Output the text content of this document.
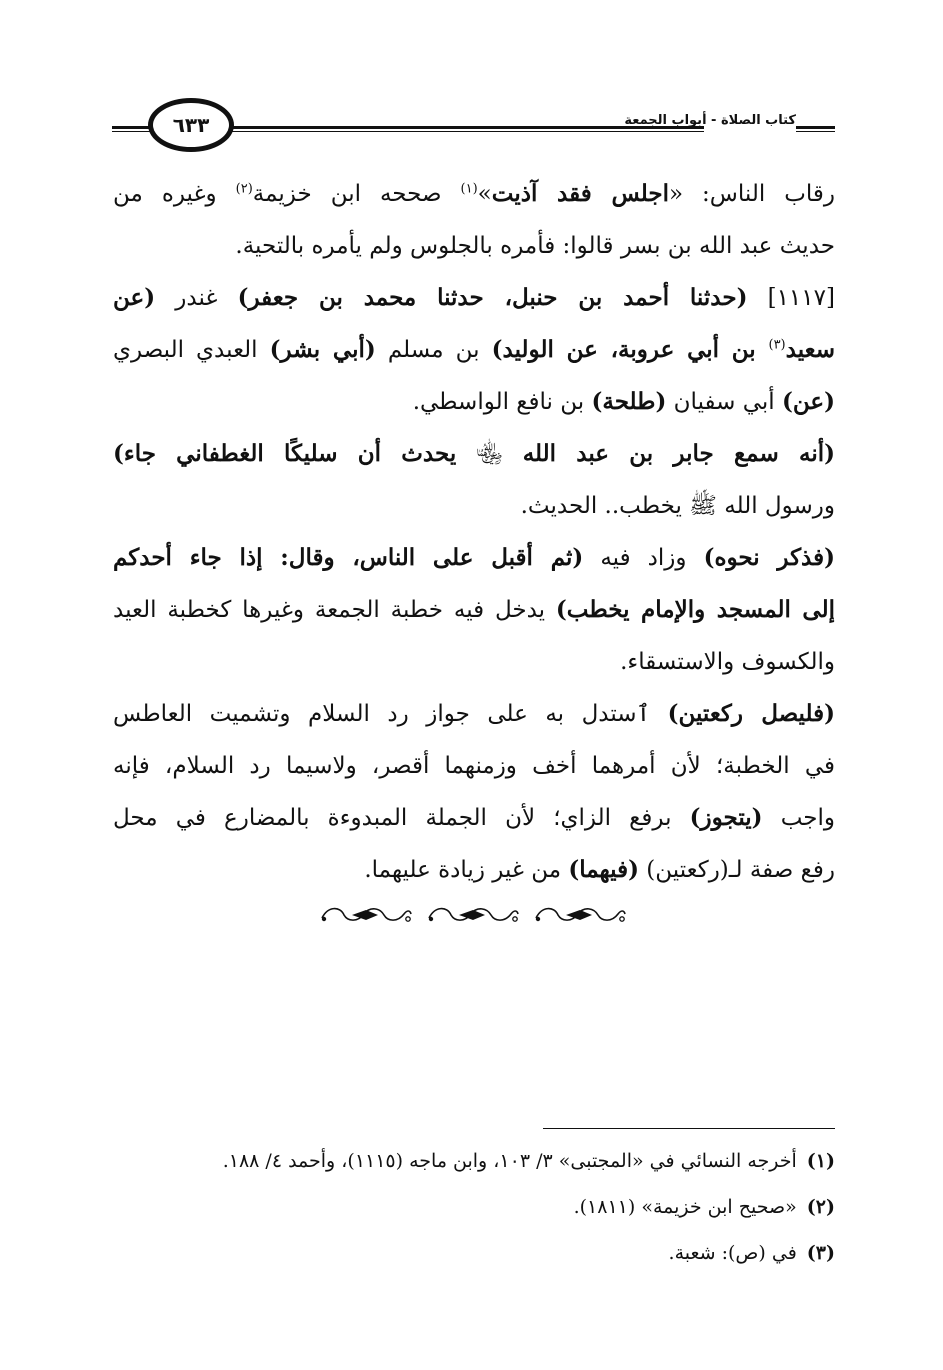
٦٣٣	كتاب الصلاة - أبواب الجمعة
رقاب الناس: «اجلس فقد آذيت»$^{(١)}$ صححه ابن خزيمة$^{(٢)}$ وغيره من
حديث عبد الله بن بسر قالوا: فأمره بالجلوس ولم يأمره بالتحية.
[١١١٧] (حدثنا أحمد بن حنبل، حدثنا محمد بن جعفر) غندر (عن
سعيد$^{(٣)}$ بن أبي عروبة، عن الوليد) بن مسلم (أبي بشر) العبدي البصري
(عن) أبي سفيان (طلحة) بن نافع الواسطي.
(أنه سمع جابر بن عبد الله ﵄ يحدث أن سليكًا الغطفاني جاء)
ورسول الله ﷺ يخطب.. الحديث.
(فذكر نحوه) وزاد فيه (ثم أقبل على الناس، وقال: إذا جاء أحدكم
إلى المسجد والإمام يخطب) يدخل فيه خطبة الجمعة وغيرها كخطبة العيد
والكسوف والاستسقاء.
(فليصل ركعتين) ٱستدل به على جواز رد السلام وتشميت العاطس
في الخطبة؛ لأن أمرهما أخف وزمنهما أقصر، ولاسيما رد السلام، فإنه
واجب (يتجوز) برفع الزاي؛ لأن الجملة المبدوءة بالمضارع في محل
رفع صفة لـ(ركعتين) (فيهما) من غير زيادة عليهما.
(١)أخرجه النسائي في «المجتبى» ٣/ ١٠٣، وابن ماجه (١١١٥)، وأحمد ٤/ ١٨٨.
(٢)«صحيح ابن خزيمة» (١٨١١).
(٣)في (ص): شعبة.
